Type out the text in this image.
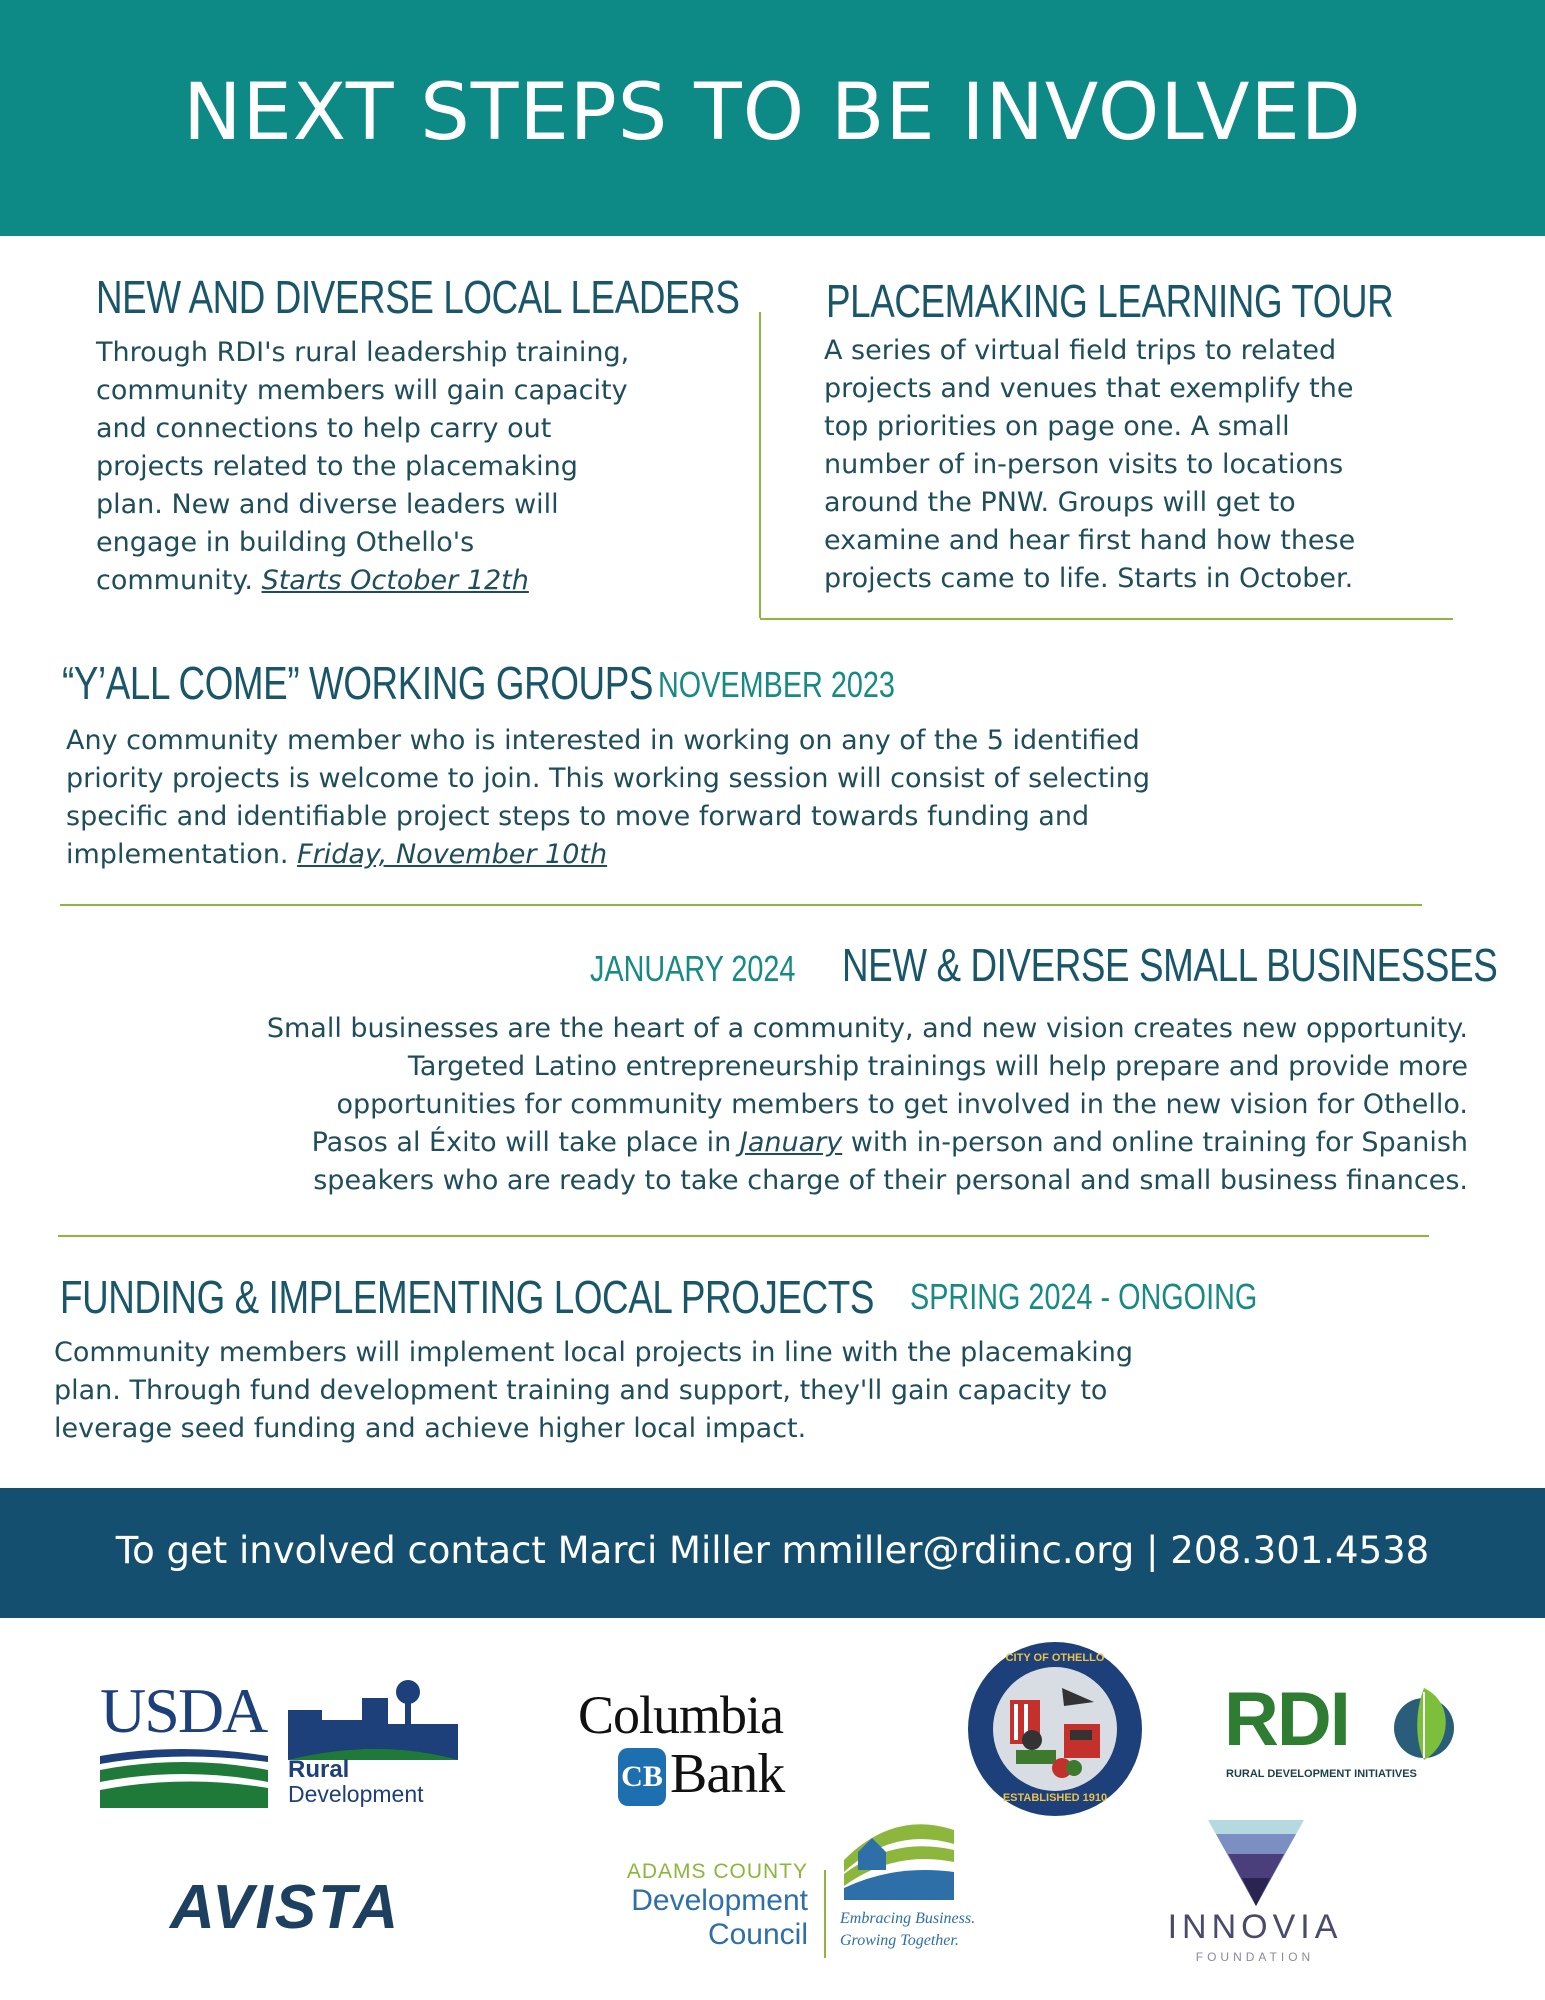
NEXT STEPS TO BE INVOLVED
NEW AND DIVERSE LOCAL LEADERS
Through RDI's rural leadership training,
community members will gain capacity
and connections to help carry out
projects related to the placemaking
plan. New and diverse leaders will
engage in building Othello's
community. Starts October 12th
PLACEMAKING LEARNING TOUR
A series of virtual field trips to related
projects and venues that exemplify the
top priorities on page one. A small
number of in-person visits to locations
around the PNW. Groups will get to
examine and hear first hand how these
projects came to life. Starts in October.
“Y’ALL COME” WORKING GROUPS NOVEMBER 2023
Any community member who is interested in working on any of the 5 identified
priority projects is welcome to join. This working session will consist of selecting
specific and identifiable project steps to move forward towards funding and
implementation. Friday, November 10th
JANUARY 2024 NEW & DIVERSE SMALL BUSINESSES
Small businesses are the heart of a community, and new vision creates new opportunity.
Targeted Latino entrepreneurship trainings will help prepare and provide more
opportunities for community members to get involved in the new vision for Othello.
Pasos al Éxito will take place in January with in-person and online training for Spanish
speakers who are ready to take charge of their personal and small business finances.
FUNDING & IMPLEMENTING LOCAL PROJECTS SPRING 2024 - ONGOING
Community members will implement local projects in line with the placemaking
plan. Through fund development training and support, they'll gain capacity to
leverage seed funding and achieve higher local impact.
To get involved contact Marci Miller mmiller@rdiinc.org | 208.301.4538
USDA
Rural
Development
Columbia
CB Bank
CITY OF OTHELLO
ESTABLISHED 1910
RDI
RURAL DEVELOPMENT INITIATIVES
AVISTA
ADAMS COUNTY
Development
Council Embracing Business.
Growing Together.	INNOVIA
FOUNDATION
